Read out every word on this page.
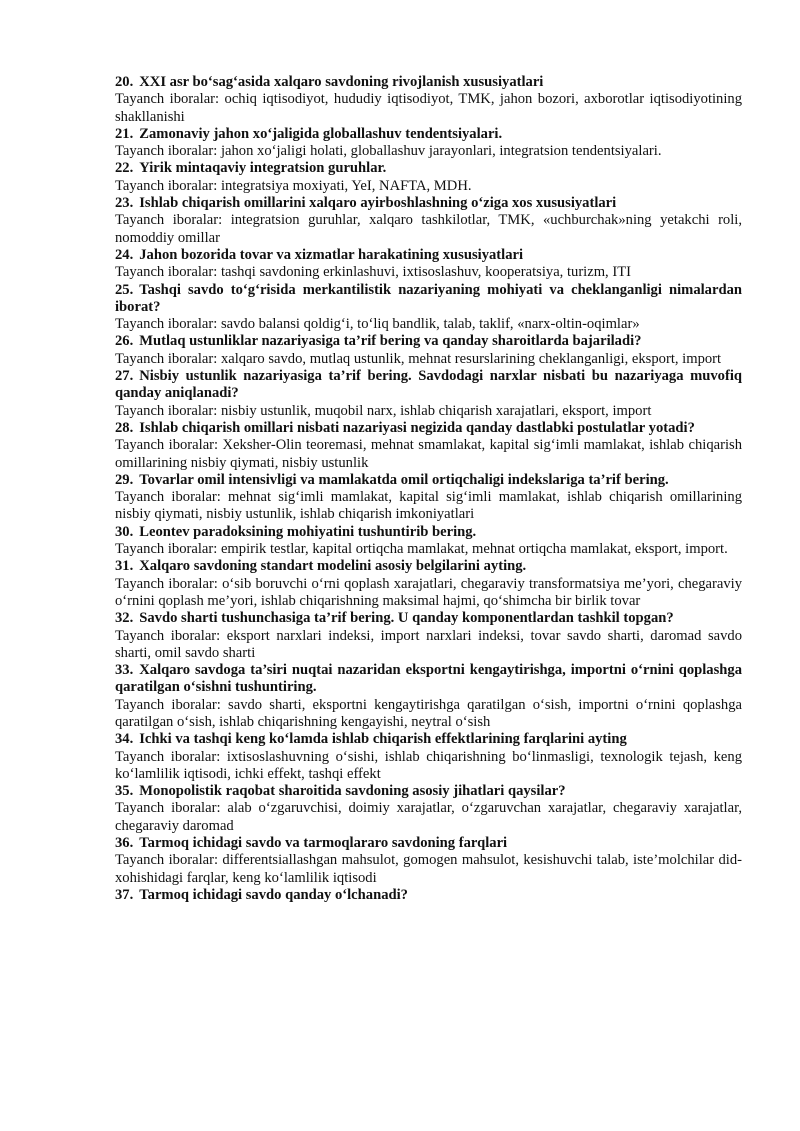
20. XXI asr bo‘sag‘asida xalqaro savdoning rivojlanish xususiyatlari

Tayanch iboralar: ochiq iqtisodiyot, hududiy iqtisodiyot, TMK, jahon bozori, axborotlar iqtisodiyotining shakllanishi

21. Zamonaviy jahon xo‘jaligida globallashuv tendentsiyalari.

Tayanch iboralar: jahon xo‘jaligi holati, globallashuv jarayonlari, integratsion tendentsiyalari.

22. Yirik mintaqaviy integratsion guruhlar.

Tayanch iboralar: integratsiya moxiyati, YeI, NAFTA, MDH.

23. Ishlab chiqarish omillarini xalqaro ayirboshlashning o‘ziga xos xususiyatlari

Tayanch iboralar: integratsion guruhlar, xalqaro tashkilotlar, TMK, «uchburchak»ning yetakchi roli, nomoddiy omillar

24. Jahon bozorida tovar va xizmatlar harakatining xususiyatlari

Tayanch iboralar: tashqi savdoning erkinlashuvi, ixtisoslashuv, kooperatsiya, turizm, ITI

25. Tashqi savdo to‘g‘risida merkantilistik nazariyaning mohiyati va cheklanganligi nimalardan iborat?

Tayanch iboralar: savdo balansi qoldig‘i, to‘liq bandlik, talab, taklif, «narx-oltin-oqimlar»

26. Mutlaq ustunliklar nazariyasiga ta’rif bering va qanday sharoitlarda bajariladi?

Tayanch iboralar: xalqaro savdo, mutlaq ustunlik, mehnat resurslarining cheklanganligi, eksport, import

27. Nisbiy ustunlik nazariyasiga ta’rif bering. Savdodagi narxlar nisbati bu nazariyaga muvofiq qanday aniqlanadi?

Tayanch iboralar: nisbiy ustunlik, muqobil narx, ishlab chiqarish xarajatlari, eksport, import

28. Ishlab chiqarish omillari nisbati nazariyasi negizida qanday dastlabki postulatlar yotadi?

Tayanch iboralar: Xeksher-Olin teoremasi, mehnat smamlakat, kapital sig‘imli mamlakat, ishlab chiqarish omillarining nisbiy qiymati, nisbiy ustunlik

29. Tovarlar omil intensivligi va mamlakatda omil ortiqchaligi indekslariga ta’rif bering.

Tayanch iboralar: mehnat sig‘imli mamlakat, kapital sig‘imli mamlakat, ishlab chiqarish omillarining nisbiy qiymati, nisbiy ustunlik, ishlab chiqarish imkoniyatlari

30. Leontev paradoksining mohiyatini tushuntirib bering.

Tayanch iboralar: empirik testlar, kapital ortiqcha mamlakat, mehnat ortiqcha mamlakat, eksport, import.

31. Xalqaro savdoning standart modelini asosiy belgilarini ayting.

Tayanch iboralar: o‘sib boruvchi o‘rni qoplash xarajatlari, chegaraviy transformatsiya me’yori, chegaraviy o‘rnini qoplash me’yori, ishlab chiqarishning maksimal hajmi, qo‘shimcha bir birlik tovar

32. Savdo sharti tushunchasiga ta’rif bering. U qanday komponentlardan tashkil topgan?

Tayanch iboralar: eksport narxlari indeksi, import narxlari indeksi, tovar savdo sharti, daromad savdo sharti, omil savdo sharti

33. Xalqaro savdoga ta’siri nuqtai nazaridan eksportni kengaytirishga, importni o‘rnini qoplashga qaratilgan o‘sishni tushuntiring.

Tayanch iboralar: savdo sharti, eksportni kengaytirishga qaratilgan o‘sish, importni o‘rnini qoplashga qaratilgan o‘sish, ishlab chiqarishning kengayishi, neytral o‘sish

34. Ichki va tashqi keng ko‘lamda ishlab chiqarish effektlarining farqlarini ayting

Tayanch iboralar: ixtisoslashuvning o‘sishi, ishlab chiqarishning bo‘linmasligi, texnologik tejash, keng ko‘lamlilik iqtisodi, ichki effekt, tashqi effekt

35. Monopolistik raqobat sharoitida savdoning asosiy jihatlari qaysilar?

Tayanch iboralar: alab o‘zgaruvchisi, doimiy xarajatlar, o‘zgaruvchan xarajatlar, chegaraviy xarajatlar, chegaraviy daromad

36. Tarmoq ichidagi savdo va tarmoqlararo savdoning farqlari

Tayanch iboralar: differentsiallashgan mahsulot, gomogen mahsulot, kesishuvchi talab, iste’molchilar did-xohishidagi farqlar, keng ko‘lamlilik iqtisodi

37. Tarmoq ichidagi savdo qanday o‘lchanadi?
